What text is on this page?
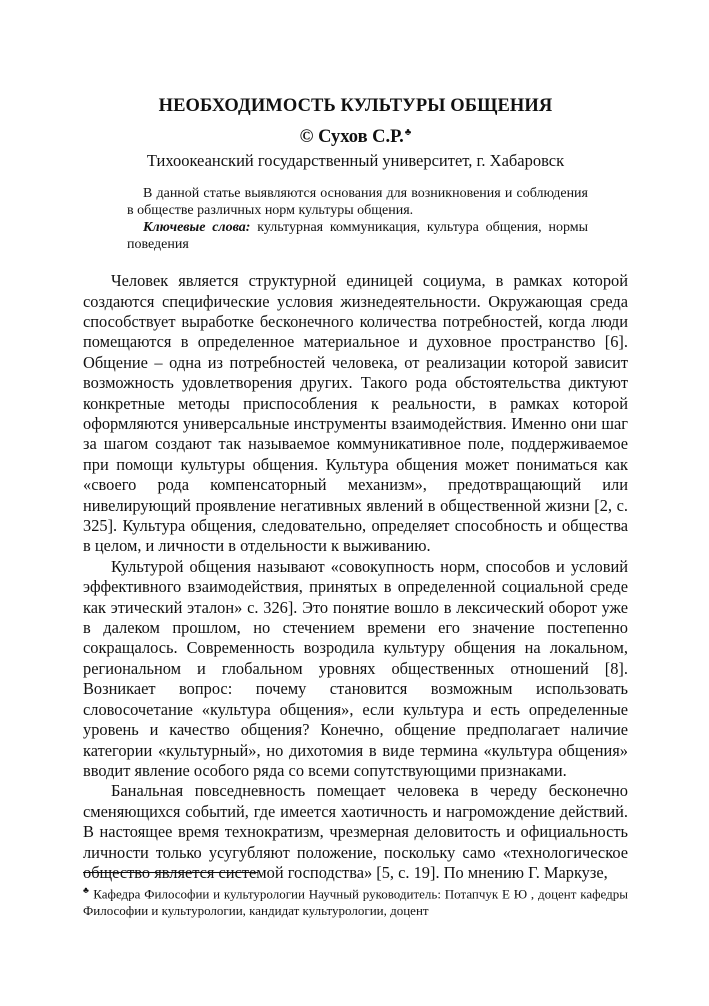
НЕОБХОДИМОСТЬ КУЛЬТУРЫ ОБЩЕНИЯ
© Сухов С.Р.♣
Тихоокеанский государственный университет, г. Хабаровск

В данной статье выявляются основания для возникновения и соблюдения в обществе различных норм культуры общения.

Ключевые слова: культурная коммуникация, культура общения, нормы поведения

Человек является структурной единицей социума, в рамках которой создаются специфические условия жизнедеятельности. Окружающая среда способствует выработке бесконечного количества потребностей, когда люди помещаются в определенное материальное и духовное пространство [6]. Общение – одна из потребностей человека, от реализации которой зависит возможность удовлетворения других. Такого рода обстоятельства диктуют конкретные методы приспособления к реальности, в рамках которой оформляются универсальные инструменты взаимодействия. Именно они шаг за шагом создают так называемое коммуникативное поле, поддерживаемое при помощи культуры общения. Культура общения может пониматься как «своего рода компенсаторный механизм», предотвращающий или нивелирующий проявление негативных явлений в общественной жизни [2, с. 325]. Культура общения, следовательно, определяет способность и общества в целом, и личности в отдельности к выживанию.

Культурой общения называют «совокупность норм, способов и условий эффективного взаимодействия, принятых в определенной социальной среде как этический эталон» с. 326]. Это понятие вошло в лексический оборот уже в далеком прошлом, но стечением времени его значение постепенно сокращалось. Современность возродила культуру общения на локальном, региональном и глобальном уровнях общественных отношений [8]. Возникает вопрос: почему становится возможным использовать словосочетание «культура общения», если культура и есть определенные уровень и качество общения? Конечно, общение предполагает наличие категории «культурный», но дихотомия в виде термина «культура общения» вводит явление особого ряда со всеми сопутствующими признаками.

Банальная повседневность помещает человека в череду бесконечно сменяющихся событий, где имеется хаотичность и нагромождение действий. В настоящее время технократизм, чрезмерная деловитость и официальность личности только усугубляют положение, поскольку само «технологическое общество является системой господства» [5, с. 19]. По мнению Г. Маркузе,

♣ Кафедра Философии и культурологии Научный руководитель: Потапчук Е Ю , доцент кафедры Философии и культурологии, кандидат культурологии, доцент
